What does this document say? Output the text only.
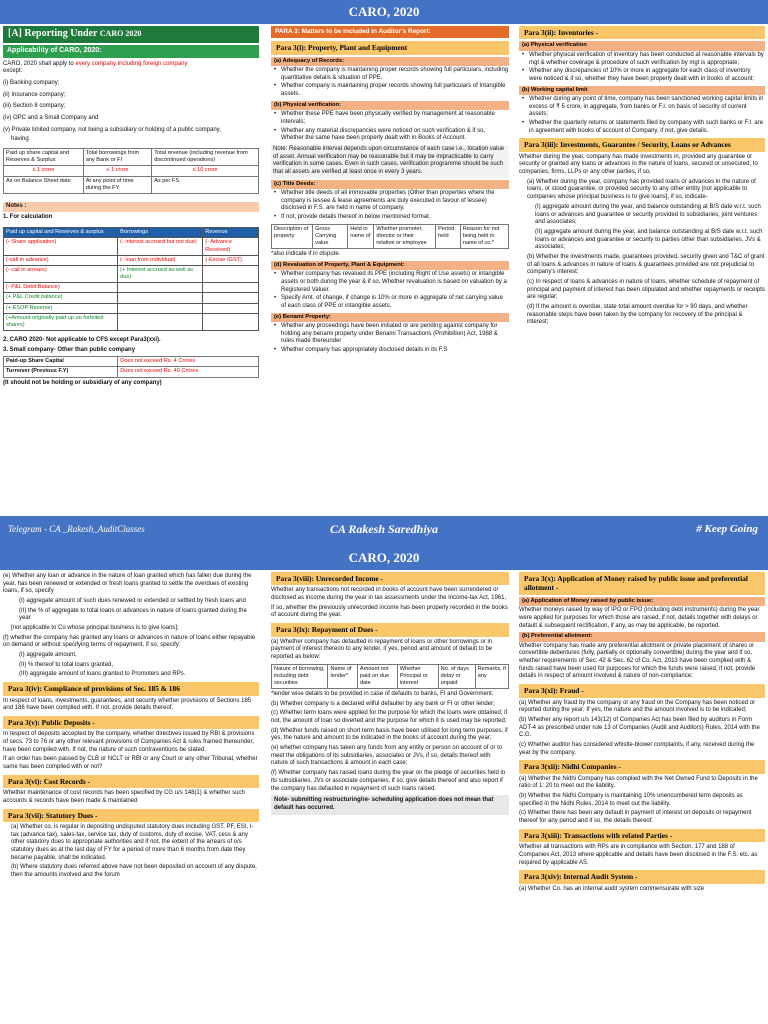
CARO, 2020
[A] Reporting Under CARO 2020
Applicability of CARO, 2020:

CARO, 2020 shall apply to every company including foreign company
except:

(i) Banking company;

(ii) Insurance company;

(iii) Section 8 company;

(iv) OPC and a Small Company and

(v) Private limited company, not being a subsidiary or holding of a public company,

having

Paid up share capital and Reserves & Surplus	Total borrowings from any Bank or FI	Total revenue (including revenue from discontinued operations)
≤ 1 crore	≤ 1 crore	≤ 10 crore
As on Balance Sheet date	At any point of time during the FY	As per FS
Notes :

1. For calculation

Paid up capital and Reserves & surplus	Borrowings	Revenue
(- Share application)	(- interest accrued but not due)	(- Advance Received)
(-call in advance)	(- loan from individual)	(-Excise /GST)
(- call in arrears)	(+ Interest accrued as well as due)	
(- P&L Debit Balance)		
(+ P&L Credit balance)		
(+ ESOP Reserve)		
(+Amount originally paid up on forfeited shares)		

2. CARO 2020- Not applicable to CFS except Para3(xxi).

3. Small company- Other than public company

Paid-up Share Capital	Does not exceed Rs. 4 Crores
Turnover (Previous F.Y)	Does not exceed Rs. 40 Crores

(It should not be holding or subsidiary of any company)

PARA 3: Matters to be included in Auditor's Report:
Para 3(i): Property, Plant and Equipment
(a) Adequacy of Records:
• Whether the company is maintaining proper records showing full particulars, including quantitative details & situation of PPE.
• Whether company is maintaining proper records showing full particulars of Intangible assets.
(b) Physical verification:
• Whether these PPE have been physically verified by management at reasonable intervals;
• Whether any material discrepancies were noticed on such verification & if so, Whether the same have been properly dealt with in Books of Account.

Note: Reasonable interval depends upon circumstance of each case i.e., location value of asset. Annual verification may be reasonable but it may be impracticable to carry verification in some cases. Even in such cases, verification programme should be such that all assets are verified at least once in every 3 years.

(c) Title Deeds:
• Whether title deeds of all immovable properties (Other than properties where the company is lessee & lease agreements are duly executed in favour of lessee) disclosed in F.S. are held in name of company.
• If not, provide details thereof in below mentioned format.
Description of property	Gross Carrying value	Held in name of	Whether promoter, director or their relative or employee	Period held	Reason for not being held in name of co.*

*also indicate if in dispute.

(d) Revaluation of Property, Plant & Equipment:
• Whether company has revalued its PPE (including Right of Use assets) or intangible assets or both during the year & if so, Whether revaluation is based on valuation by a Registered Valuer.
• Specify Amt. of change, if change is 10% or more in aggregate of net carrying value of each class of PPE or intangible assets.
(e) Benami Property:
• Whether any proceedings have been initiated or are pending against company for holding any benami property under Benami Transactions (Prohibition) Act, 1988 & rules made thereunder
• Whether company has appropriately disclosed details in its F.S
Para 3(ii): Inventories -
(a) Physical verification
• Whether physical verification of inventory has been conducted at reasonable intervals by mgt & whether coverage & procedure of such verification by mgt is appropriate;
• Whether any discrepancies of 10% or more in aggregate for each class of inventory were noticed & if so, whether they have been properly dealt with in books of account;
(b) Working capital limit
• Whether during any point of time, company has been sanctioned working capital limits in excess of ₹ 5 crore, in aggregate, from banks or F.I. on basis of security of current assets;
• Whether the quarterly returns or statements filed by company with such banks or F.I. are in agreement with books of account of Company, if not, give details.
Para 3(iii): Investments, Guarantee / Security, Loans or Advances

Whether during the year, company has made investments in, provided any guarantee or security or granted any loans or advances in the nature of loans, secured or unsecured, to companies, firms, LLPs or any other parties, if so,

(a) Whether during the year, company has provided loans or advances in the nature of loans, or stood guarantee, or provided security to any other entity [not applicable to companies whose principal business is to give loans], if so, indicate-

(I) aggregate amount during the year, and balance outstanding at B/S date w.r.t. such loans or advances and guarantee or security provided to subsidiaries, joint ventures and associates;

(II) aggregate amount during the year, and balance outstanding at B/S date w.r.t. such loans or advances and guarantee or security to parties other than subsidiaries, JVs & associates;

(b) Whether the investments made, guarantees provided, security given and T&C of grant of all loans & advances in nature of loans & guarantees provided are not prejudicial to company's interest;

(c) In respect of loans & advances in nature of loans, whether schedule of repayment of principal and payment of interest has been stipulated and whether repayments or receipts are regular;

(d) If the amount is overdue, state total amount overdue for > 90 days, and whether reasonable steps have been taken by the company for recovery of the principal & interest;

Telegram - CA _Rakesh_AuditClasses	CA Rakesh Saredhiya	# Keep Going
CARO, 2020

(e) Whether any loan or advance in the nature of loan granted which has fallen due during the year, has been renewed or extended or fresh loans granted to settle the overdues of existing loans, if so, specify

(I) aggregate amount of such dues renewed or extended or settled by fresh loans and

(II) the % of aggregate to total loans or advances in nature of loans granted during the year

[not applicable to Co whose principal business is to give loans];

(f) whether the company has granted any loans or advances in nature of loans either repayable on demand or without specifying terms of repayment, if so, specify:

(I) aggregate amount,

(II) % thereof to total loans granted,

(III) aggregate amount of loans granted to Promoters and RPs.

Para 3(iv): Compliance of provisions of Sec. 185 & 186

In respect of loans, investments, guarantees, and security whether provisions of Sections 185 and 186 have been complied with. If not, provide details thereof.

Para 3(v): Public Deposits -

In respect of deposits accepted by the company, whether directives issued by RBI & provisions of secs. 73 to 76 or any other relevant provisions of Companies Act & rules framed thereunder, have been complied with. If not, the nature of such contraventions be stated.

If an order has been passed by CLB or NCLT or RBI or any Court or any other Tribunal, whether same has been complied with or not?

Para 3(vi): Cost Records -

Whether maintenance of cost records has been specified by CG u/s 148(1) & whether such accounts & records have been made & maintained

Para 3(vii): Statutory Dues -

(a) Whether co. is regular in depositing undisputed statutory dues including GST, PF, ESI, I-tax (advance tax), sales-tax, service tax, duty of customs, duty of excise, VAT, cess & any other statutory dues to appropriate authorities and if not, the extent of the arrears of o/s statutory dues as at the last day of FY for a period of more than 6 months from date they became payable, shall be indicated.

(b) Where statutory dues referred above have not been deposited on account of any dispute, then the amounts involved and the forum

Para 3(viii): Unrecorded Income -

Whether any transactions not recorded in books of account have been surrendered or disclosed as income during the year in tax assessments under the Income-tax Act, 1961,

If so, whether the previously unrecorded income has been properly recorded in the books of account during the year.

Para 3(ix): Repayment of Dues -

(a) Whether company has defaulted in repayment of loans or other borrowings or in payment of interest thereon to any lender, if yes, period and amount of default to be reported as below:

Nature of borrowing, including debt securities	Name of lender*	Amount not paid on due date	Whether Principal or interest	No. of days delay or unpaid	Remarks, if any

*lender wise details to be provided in case of defaults to banks, FI and Government.

(b) Whether company is a declared wilful defaulter by any bank or FI or other lender;

(c) Whether term loans were applied for the purpose for which the loans were obtained; if not, the amount of loan so diverted and the purpose for which it is used may be reported;

(d) Whether funds raised on short term basis have been utilised for long term purposes, if yes, the nature and amount to be indicated in the books of account during the year;

(e) whether company has taken any funds from any entity or person on account of or to meet the obligations of its subsidiaries, associates or JVs, if so, details thereof with nature of such transactions & amount in each case;

(f) Whether company has raised loans during the year on the pledge of securities held in its subsidiaries, JVs or associate companies, if so, give details thereof and also report if the company has defaulted in repayment of such loans raised.

Note- submitting restructuring/re- scheduling application does not mean that default has occurred.
Para 3(x): Application of Money raised by public issue and preferential allotment -
(a) Application of Money raised by public issue:

Whether moneys raised by way of IPO or FPO (including debt instruments) during the year were applied for purposes for which those are raised, if not, details together with delays or default & subsequent rectification, if any, as may be applicable, be reported.

(b) Preferential allotment:

Whether company has made any preferential allotment or private placement of shares or convertible debentures (fully, partially or optionally convertible) during the year and if so, whether requirements of Sec. 42 & Sec. 62 of Co. Act, 2013 have been complied with & funds raised have been used for purposes for which the funds were raised, if not, provide details in respect of amount involved & nature of non-compliance;

Para 3(xi): Fraud -

(a) Whether any fraud by the company or any fraud on the Company has been noticed or reported during the year; If yes, the nature and the amount involved is to be indicated;

(b) Whether any report u/s 143(12) of Companies Act has been filed by auditors in Form ADT-4 as prescribed under rule 13 of Companies (Audit and Auditors) Rules, 2014 with the C.G.

(c) Whether auditor has considered whistle-blower complaints, if any, received during the year by the company.

Para 3(xii): Nidhi Companies -

(a) Whether the Nidhi Company has complied with the Net Owned Fund to Deposits in the ratio of 1: 20 to meet out the liability.

(b) Whether the Nidhi Company is maintaining 10% unencumbered term deposits as specified in the Nidhi Rules, 2014 to meet out the liability.

(c) Whether there has been any default in payment of interest on deposits or repayment thereof for any period and if so, the details thereof.

Para 3(xiii): Transactions with related Parties -

Whether all transactions with RPs are in compliance with Section. 177 and 188 of Companies Act, 2013 where applicable and details have been disclosed in the F.S. etc. as required by applicable AS.

Para 3(xiv): Internal Audit System -

(a) Whether Co. has an internal audit system commensurate with size
